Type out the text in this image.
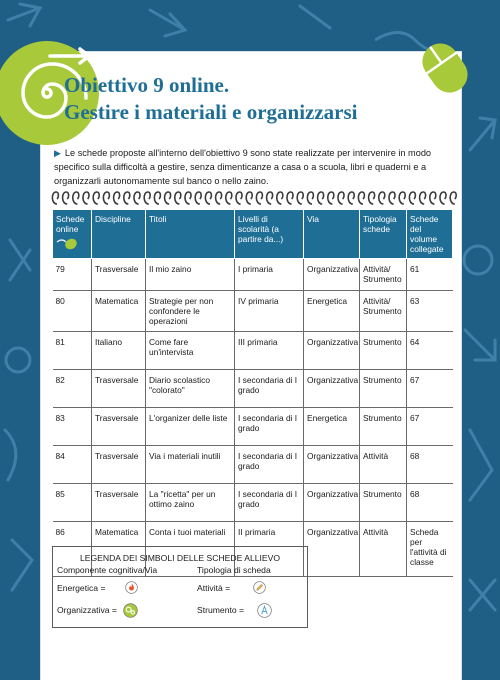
Obiettivo 9 online.
Gestire i materiali e organizzarsi

▶ Le schede proposte all'interno dell'obiettivo 9 sono state realizzate per intervenire in modo specifico sulla difficoltà a gestire, senza dimenticanze a casa o a scuola, libri e quaderni e a organizzarli autonomamente sul banco o nello zaino.

Schede online	Discipline	Titoli	Livelli di scolarità (a partire da...)	Via	Tipologia schede	Schede del volume collegate
79	Trasversale	Il mio zaino	I primaria	Organizzativa	Attività/ Strumento	61
80	Matematica	Strategie per non confondere le operazioni	IV primaria	Energetica	Attività/ Strumento	63
81	Italiano	Come fare un'intervista	III primaria	Organizzativa	Strumento	64
82	Trasversale	Diario scolastico "colorato"	I secondaria di I grado	Organizzativa	Strumento	67
83	Trasversale	L'organizer delle liste	I secondaria di I grado	Energetica	Strumento	67
84	Trasversale	Via i materiali inutili	I secondaria di I grado	Organizzativa	Attività	68
85	Trasversale	La "ricetta" per un ottimo zaino	I secondaria di I grado	Organizzativa	Strumento	68
86	Matematica	Conta i tuoi materiali	II primaria	Organizzativa	Attività	Scheda per l'attività di classe
LEGENDA DEI SIMBOLI DELLE SCHEDE ALLIEVO
Componente cognitiva/Via	Tipologia di scheda
Energetica =	Attività =
Organizzativa =	Strumento =
